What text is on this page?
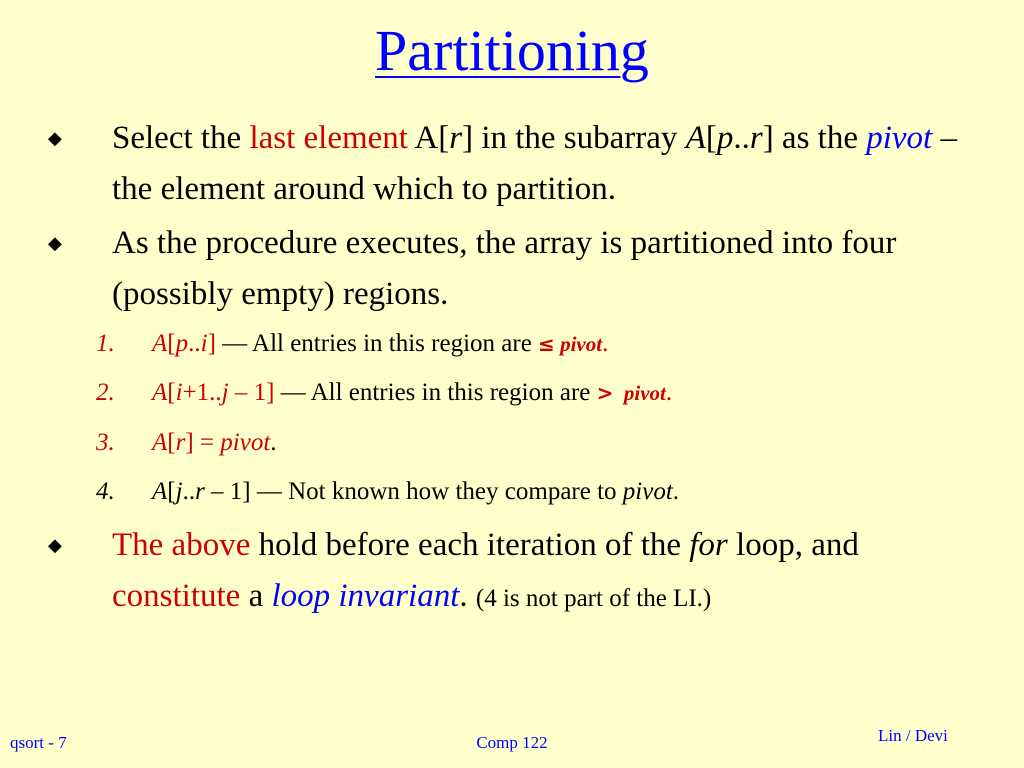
Partitioning
◆ Select the last element A[r] in the subarray A[p..r] as the pivot – the element around which to partition.
◆ As the procedure executes, the array is partitioned into four (possibly empty) regions.
1. A[p..i] — All entries in this region are ≤ pivot.
2. A[i+1..j – 1] — All entries in this region are >  pivot.
3. A[r] = pivot.
4. A[j..r – 1] — Not known how they compare to pivot.
◆ The above hold before each iteration of the for loop, and constitute a loop invariant. (4 is not part of the LI.)
qsort - 7	Comp 122	Lin / Devi
